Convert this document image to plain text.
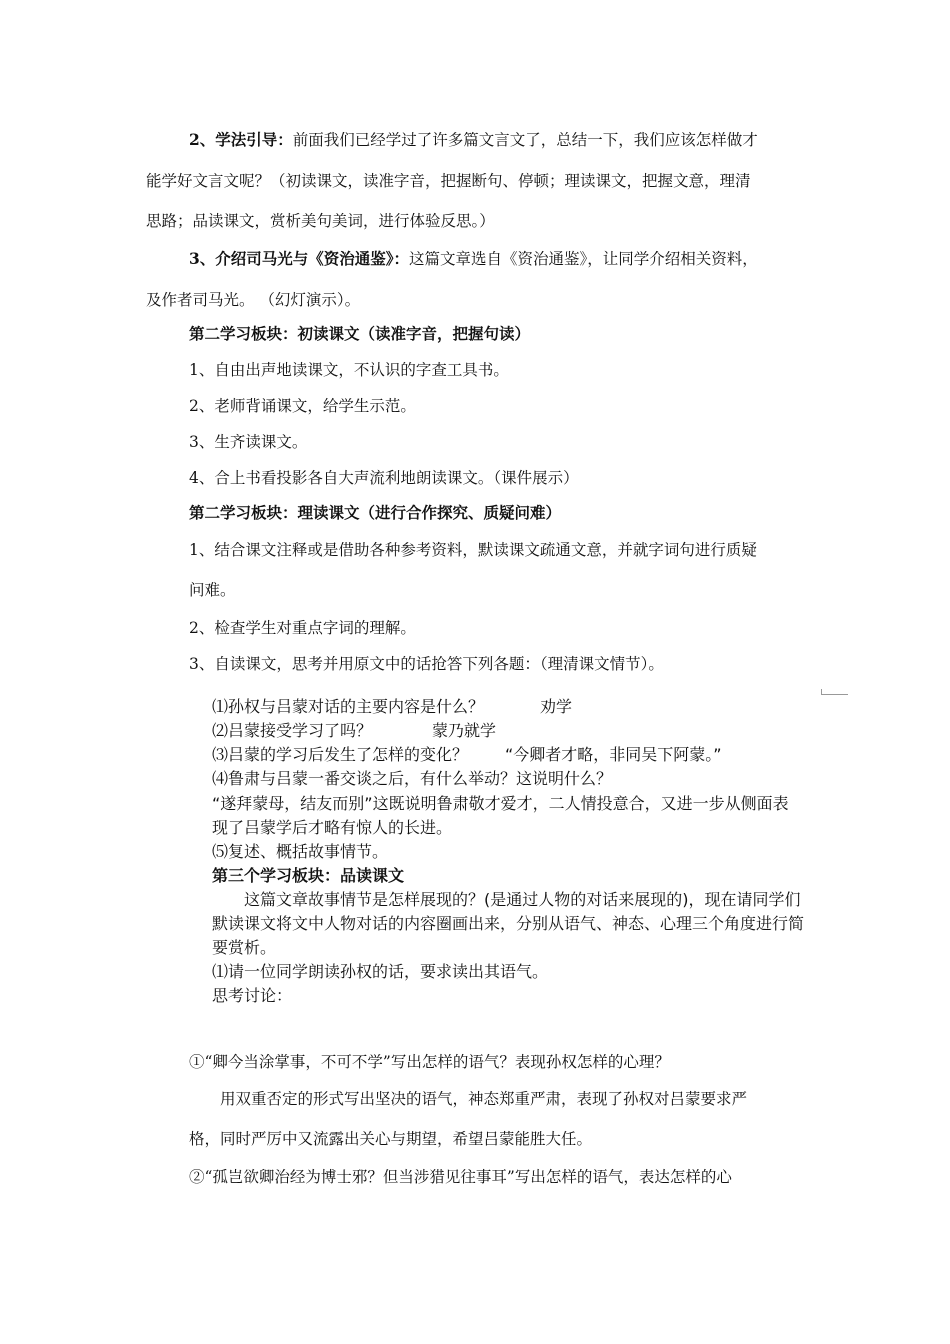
2、学法引导：前面我们已经学过了许多篇文言文了，总结一下，我们应该怎样做才
能学好文言文呢？（初读课文，读准字音，把握断句、停顿；理读课文，把握文意，理清
思路；品读课文，赏析美句美词，进行体验反思。）
3、介绍司马光与《资治通鉴》：这篇文章选自《资治通鉴》，让同学介绍相关资料，
及作者司马光。 （幻灯演示）。
第二学习板块：初读课文（读准字音，把握句读）
1、自由出声地读课文，不认识的字查工具书。
2、老师背诵课文，给学生示范。
3、生齐读课文。
4、合上书看投影各自大声流利地朗读课文。（课件展示）
第二学习板块：理读课文（进行合作探究、质疑问难）
1、结合课文注释或是借助各种参考资料，默读课文疏通文意，并就字词句进行质疑
问难。
2、检查学生对重点字词的理解。
3、自读课文，思考并用原文中的话抢答下列各题：（理清课文情节）。
⑴孙权与吕蒙对话的主要内容是什么？	劝学
⑵吕蒙接受学习了吗？	蒙乃就学
⑶吕蒙的学习后发生了怎样的变化？ “今卿者才略，非同吴下阿蒙。”
⑷鲁肃与吕蒙一番交谈之后，有什么举动？这说明什么？
“遂拜蒙母，结友而别”这既说明鲁肃敬才爱才，二人情投意合，又进一步从侧面表
现了吕蒙学后才略有惊人的长进。
⑸复述、概括故事情节。
第三个学习板块：品读课文
这篇文章故事情节是怎样展现的？(是通过人物的对话来展现的)，现在请同学们
默读课文将文中人物对话的内容圈画出来，分别从语气、神态、心理三个角度进行简
要赏析。
⑴请一位同学朗读孙权的话，要求读出其语气。
思考讨论：
①“卿今当涂掌事，不可不学”写出怎样的语气？表现孙权怎样的心理？
用双重否定的形式写出坚决的语气，神态郑重严肃，表现了孙权对吕蒙要求严
格，同时严厉中又流露出关心与期望，希望吕蒙能胜大任。
②“孤岂欲卿治经为博士邪？但当涉猎见往事耳”写出怎样的语气，表达怎样的心
